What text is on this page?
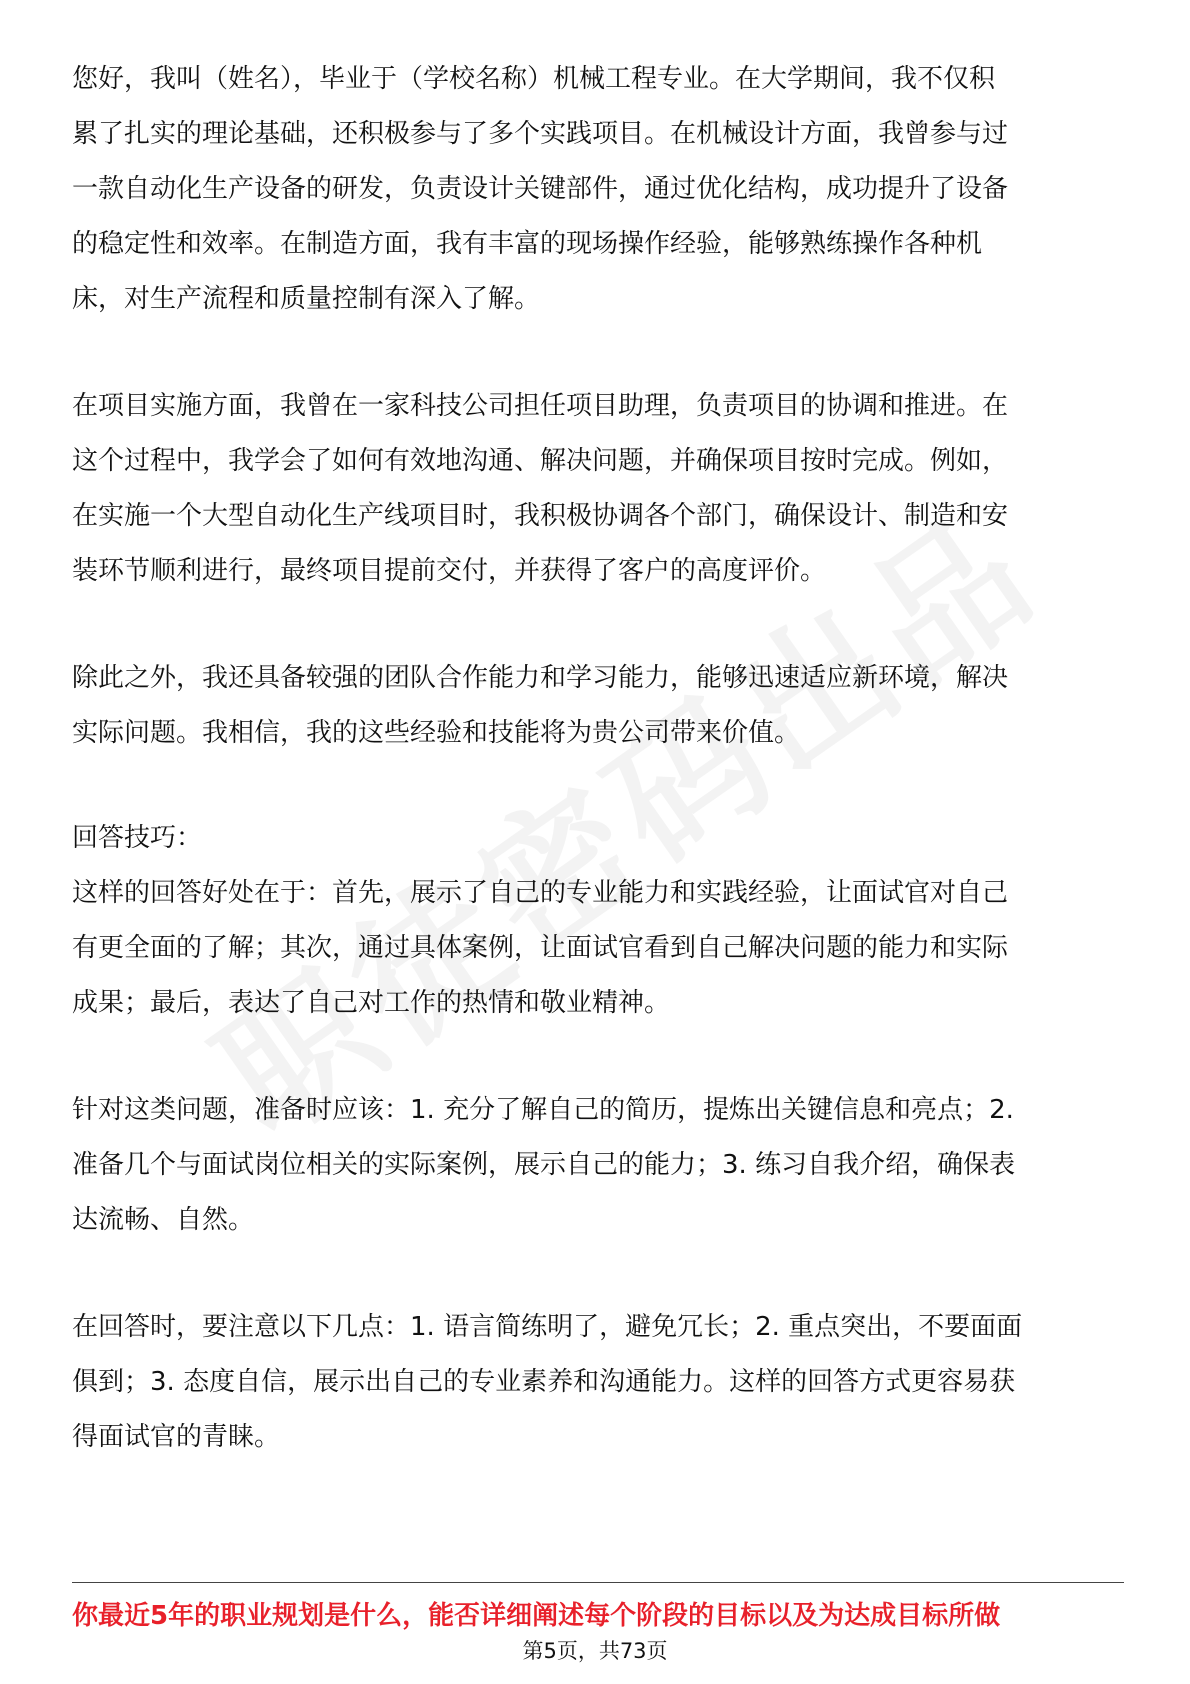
您好，我叫（姓名），毕业于（学校名称）机械工程专业。在大学期间，我不仅积
累了扎实的理论基础，还积极参与了多个实践项目。在机械设计方面，我曾参与过
一款自动化生产设备的研发，负责设计关键部件，通过优化结构，成功提升了设备
的稳定性和效率。在制造方面，我有丰富的现场操作经验，能够熟练操作各种机
床，对生产流程和质量控制有深入了解。

在项目实施方面，我曾在一家科技公司担任项目助理，负责项目的协调和推进。在
这个过程中，我学会了如何有效地沟通、解决问题，并确保项目按时完成。例如，
在实施一个大型自动化生产线项目时，我积极协调各个部门，确保设计、制造和安
装环节顺利进行，最终项目提前交付，并获得了客户的高度评价。

除此之外，我还具备较强的团队合作能力和学习能力，能够迅速适应新环境，解决
实际问题。我相信，我的这些经验和技能将为贵公司带来价值。

回答技巧：

这样的回答好处在于：首先，展示了自己的专业能力和实践经验，让面试官对自己
有更全面的了解；其次，通过具体案例，让面试官看到自己解决问题的能力和实际
成果；最后，表达了自己对工作的热情和敬业精神。

针对这类问题，准备时应该：1. 充分了解自己的简历，提炼出关键信息和亮点；2.
准备几个与面试岗位相关的实际案例，展示自己的能力；3. 练习自我介绍，确保表
达流畅、自然。

在回答时，要注意以下几点：1. 语言简练明了，避免冗长；2. 重点突出，不要面面
俱到；3. 态度自信，展示出自己的专业素养和沟通能力。这样的回答方式更容易获
得面试官的青睐。

你最近5年的职业规划是什么，能否详细阐述每个阶段的目标以及为达成目标所做
第5页，共73页
